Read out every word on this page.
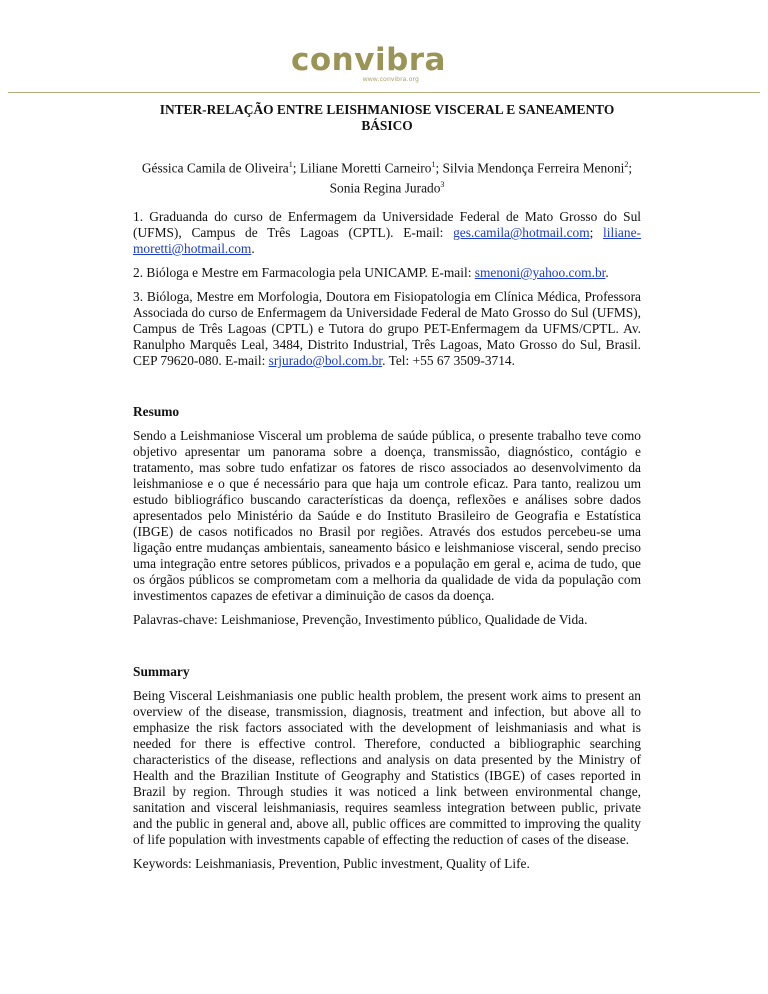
convibra
www.convibra.org
INTER-RELAÇÃO ENTRE LEISHMANIOSE VISCERAL E SANEAMENTO
BÁSICO
Géssica Camila de Oliveira$^1$; Liliane Moretti Carneiro$^1$; Silvia Mendonça Ferreira Menoni$^2$;
Sonia Regina Jurado$^3$

1. Graduanda do curso de Enfermagem da Universidade Federal de Mato Grosso do Sul (UFMS), Campus de Três Lagoas (CPTL). E-mail: ges.camila@hotmail.com; liliane-moretti@hotmail.com.

2. Bióloga e Mestre em Farmacologia pela UNICAMP. E-mail: smenoni@yahoo.com.br.

3. Bióloga, Mestre em Morfologia, Doutora em Fisiopatologia em Clínica Médica, Professora Associada do curso de Enfermagem da Universidade Federal de Mato Grosso do Sul (UFMS), Campus de Três Lagoas (CPTL) e Tutora do grupo PET-Enfermagem da UFMS/CPTL. Av. Ranulpho Marquês Leal, 3484, Distrito Industrial, Três Lagoas, Mato Grosso do Sul, Brasil. CEP 79620-080. E-mail: srjurado@bol.com.br. Tel: +55 67 3509-3714.

Resumo

Sendo a Leishmaniose Visceral um problema de saúde pública, o presente trabalho teve como objetivo apresentar um panorama sobre a doença, transmissão, diagnóstico, contágio e tratamento, mas sobre tudo enfatizar os fatores de risco associados ao desenvolvimento da leishmaniose e o que é necessário para que haja um controle eficaz. Para tanto, realizou um estudo bibliográfico buscando características da doença, reflexões e análises sobre dados apresentados pelo Ministério da Saúde e do Instituto Brasileiro de Geografia e Estatística (IBGE) de casos notificados no Brasil por regiões. Através dos estudos percebeu-se uma ligação entre mudanças ambientais, saneamento básico e leishmaniose visceral, sendo preciso uma integração entre setores públicos, privados e a população em geral e, acima de tudo, que os órgãos públicos se comprometam com a melhoria da qualidade de vida da população com investimentos capazes de efetivar a diminuição de casos da doença.

Palavras-chave: Leishmaniose, Prevenção, Investimento público, Qualidade de Vida.

Summary

Being Visceral Leishmaniasis one public health problem, the present work aims to present an overview of the disease, transmission, diagnosis, treatment and infection, but above all to emphasize the risk factors associated with the development of leishmaniasis and what is needed for there is effective control. Therefore, conducted a bibliographic searching characteristics of the disease, reflections and analysis on data presented by the Ministry of Health and the Brazilian Institute of Geography and Statistics (IBGE) of cases reported in Brazil by region. Through studies it was noticed a link between environmental change, sanitation and visceral leishmaniasis, requires seamless integration between public, private and the public in general and, above all, public offices are committed to improving the quality of life population with investments capable of effecting the reduction of cases of the disease.

Keywords: Leishmaniasis, Prevention, Public investment, Quality of Life.
